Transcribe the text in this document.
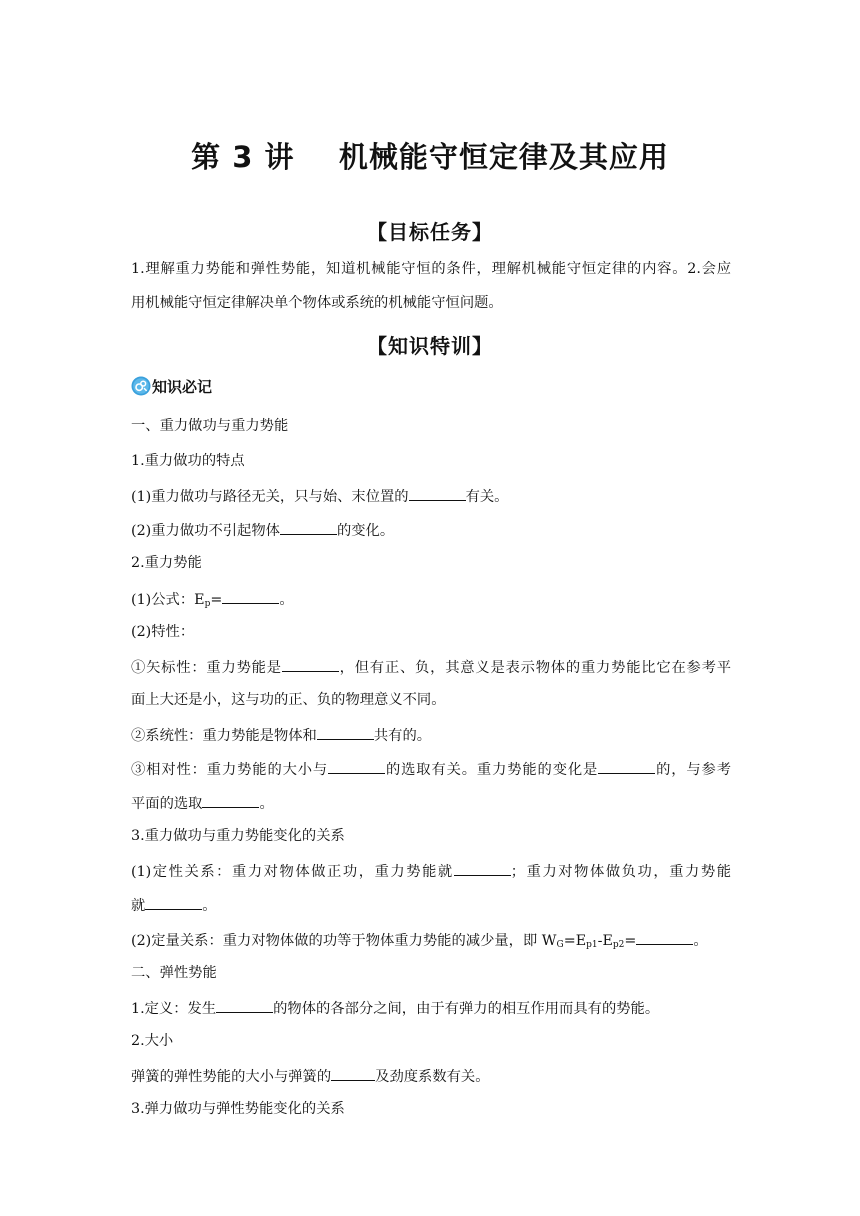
第 3 讲    机械能守恒定律及其应用
【目标任务】
1.理解重力势能和弹性势能，知道机械能守恒的条件，理解机械能守恒定律的内容。2.会应
用机械能守恒定律解决单个物体或系统的机械能守恒问题。
【知识特训】
知识必记
一、重力做功与重力势能
1.重力做功的特点
(1)重力做功与路径无关，只与始、末位置的	有关。
(2)重力做功不引起物体	的变化。
2.重力势能
(1)公式：$E_p=$	。
(2)特性：
①矢标性：重力势能是	，但有正、负，其意义是表示物体的重力势能比它在参考平
面上大还是小，这与功的正、负的物理意义不同。
②系统性：重力势能是物体和	共有的。
③相对性：重力势能的大小与	的选取有关。重力势能的变化是	的，与参考
平面的选取	。
3.重力做功与重力势能变化的关系
(1)定性关系：重力对物体做正功，重力势能就	；重力对物体做负功，重力势能
就	。
(2)定量关系：重力对物体做的功等于物体重力势能的减少量，即 $W_G=E_{p1}-E_{p2}=$	。
二、弹性势能
1.定义：发生	的物体的各部分之间，由于有弹力的相互作用而具有的势能。
2.大小
弹簧的弹性势能的大小与弹簧的	及劲度系数有关。
3.弹力做功与弹性势能变化的关系
